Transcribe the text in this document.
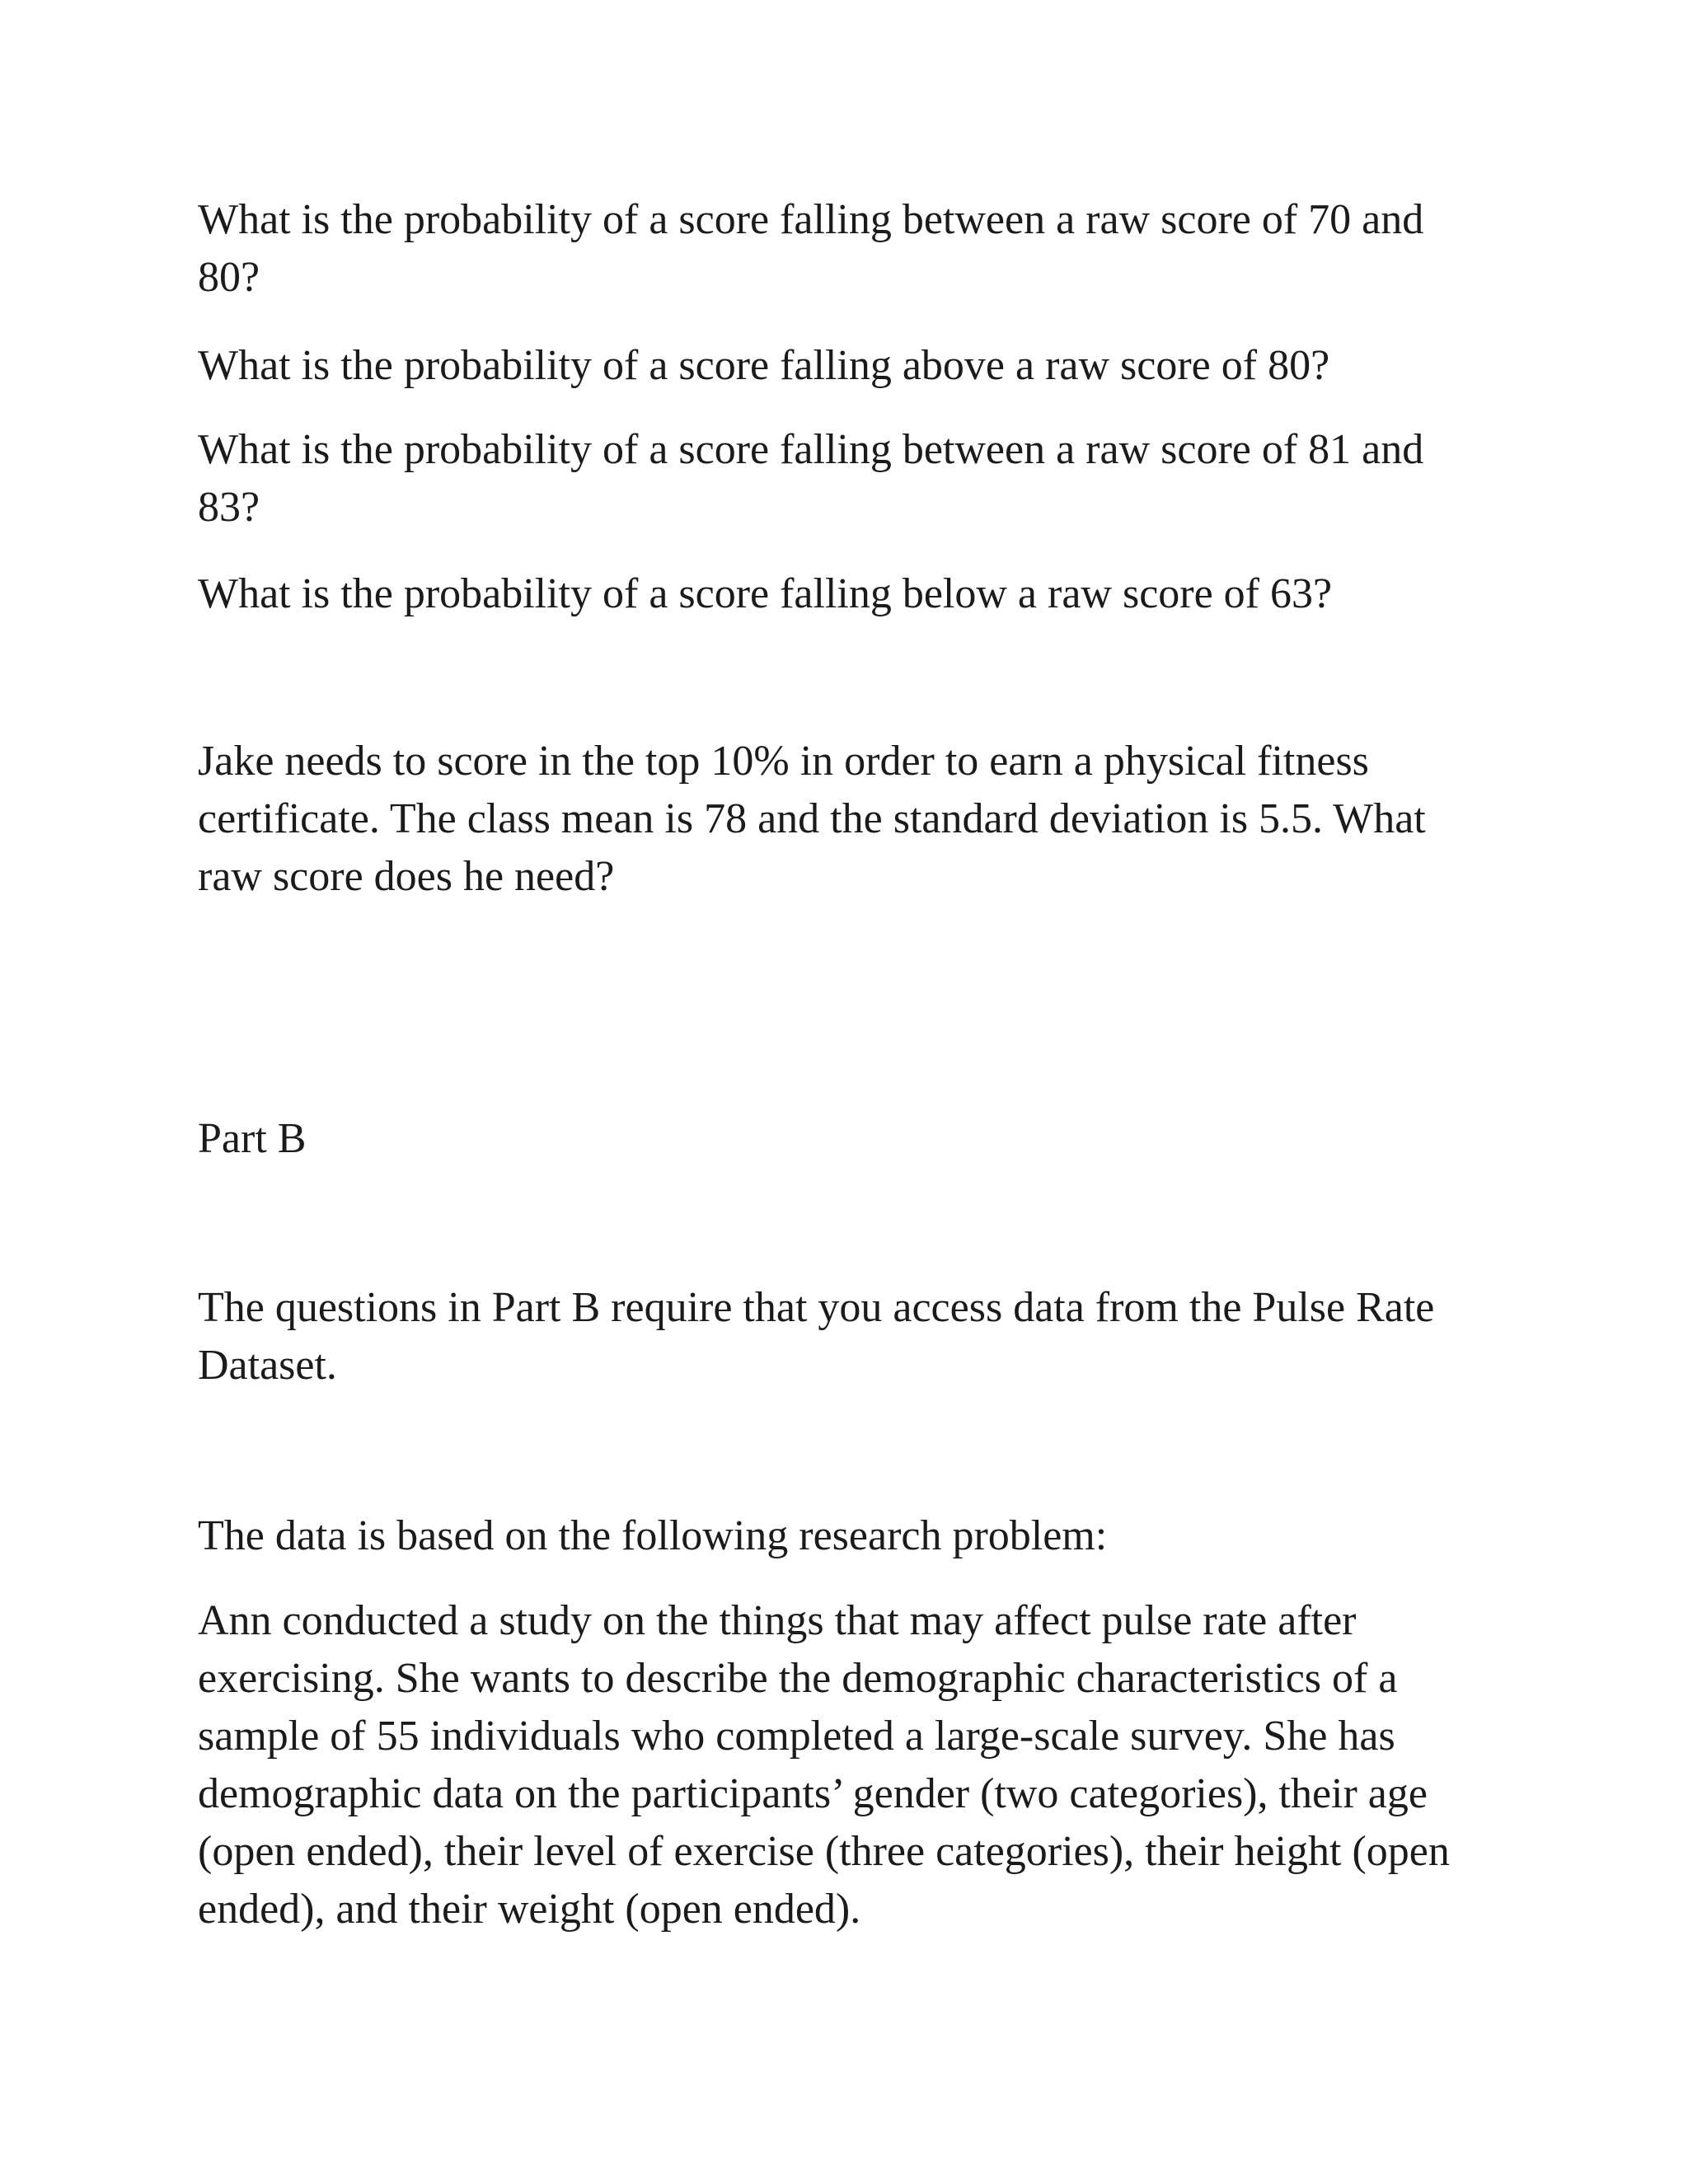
What is the probability of a score falling between a raw score of 70 and
80?

What is the probability of a score falling above a raw score of 80?

What is the probability of a score falling between a raw score of 81 and
83?

What is the probability of a score falling below a raw score of 63?

Jake needs to score in the top 10% in order to earn a physical fitness
certificate. The class mean is 78 and the standard deviation is 5.5. What
raw score does he need?

Part B

The questions in Part B require that you access data from the Pulse Rate
Dataset.

The data is based on the following research problem:

Ann conducted a study on the things that may affect pulse rate after
exercising. She wants to describe the demographic characteristics of a
sample of 55 individuals who completed a large-scale survey. She has
demographic data on the participants’ gender (two categories), their age
(open ended), their level of exercise (three categories), their height (open
ended), and their weight (open ended).
